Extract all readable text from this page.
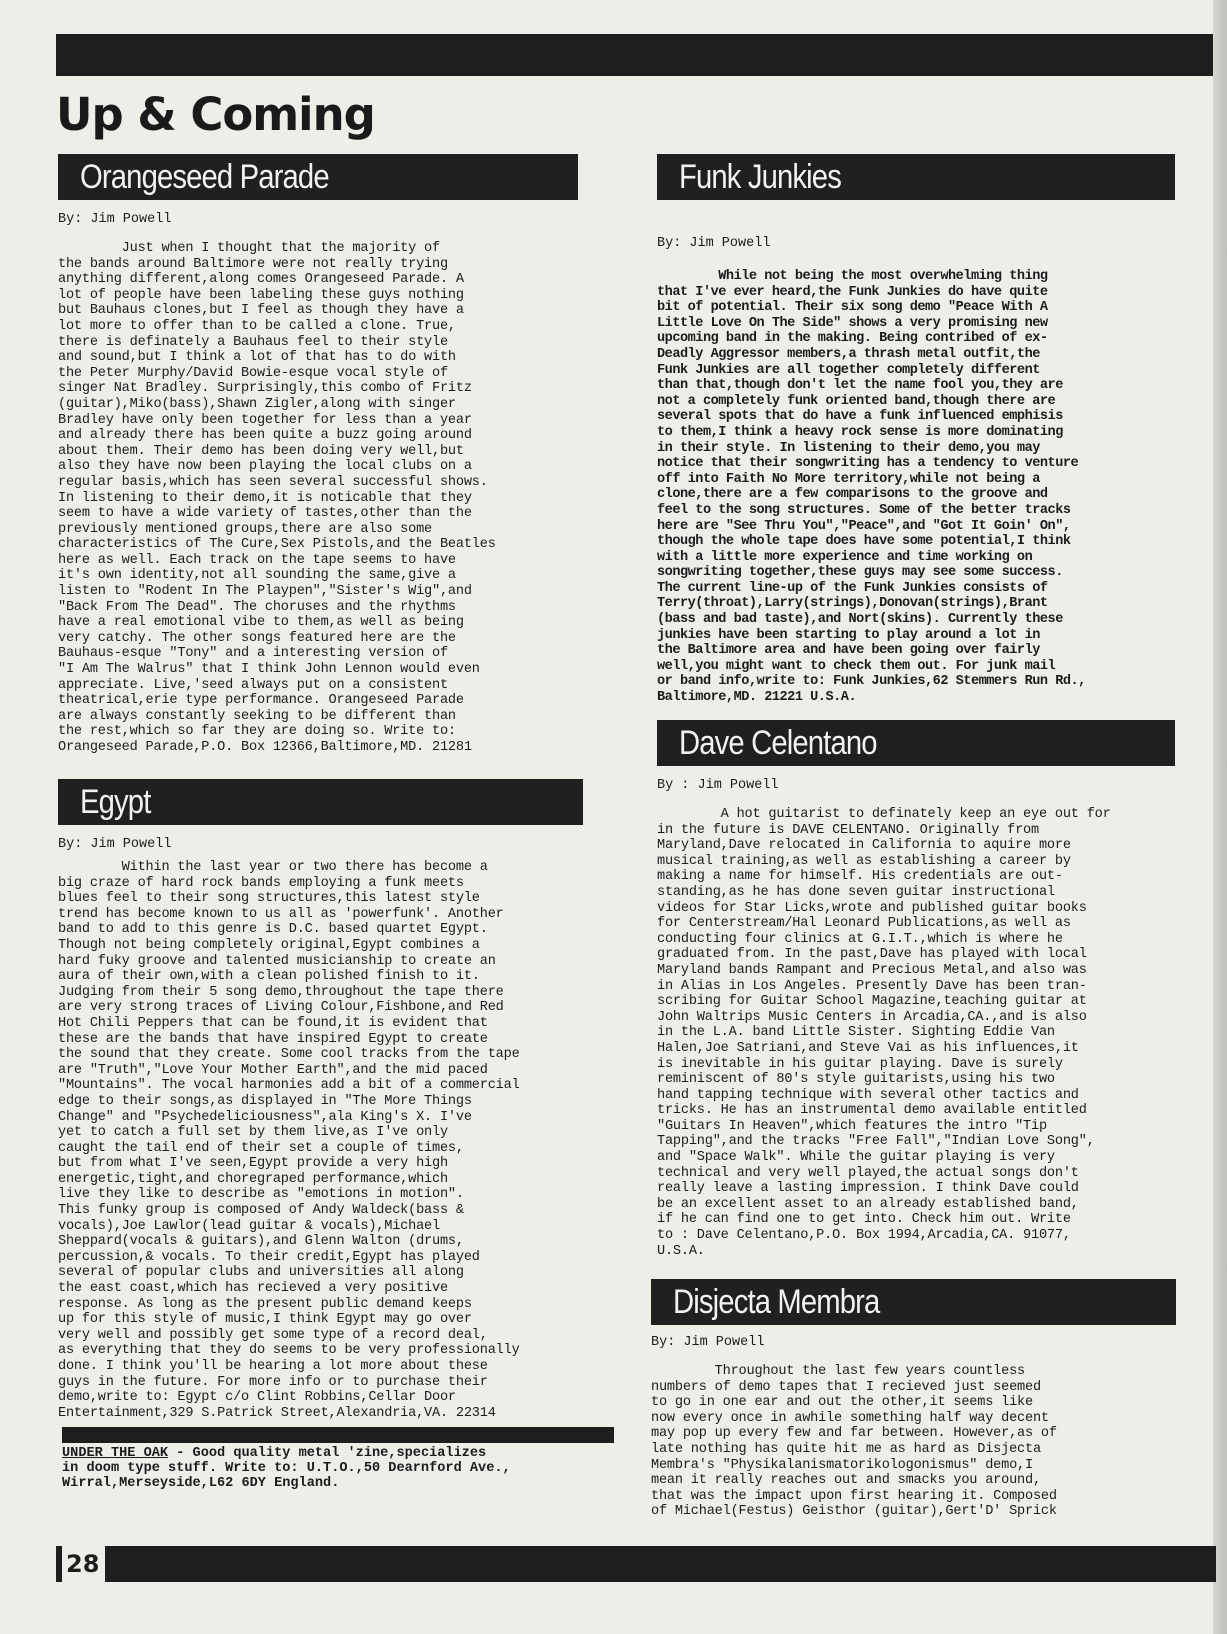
Up & Coming
Orangeseed Parade
By: Jim Powell
Just when I thought that the majority of
the bands around Baltimore were not really trying
anything different,along comes Orangeseed Parade. A
lot of people have been labeling these guys nothing
but Bauhaus clones,but I feel as though they have a
lot more to offer than to be called a clone. True,
there is definately a Bauhaus feel to their style
and sound,but I think a lot of that has to do with
the Peter Murphy/David Bowie-esque vocal style of
singer Nat Bradley. Surprisingly,this combo of Fritz
(guitar),Miko(bass),Shawn Zigler,along with singer
Bradley have only been together for less than a year
and already there has been quite a buzz going around
about them. Their demo has been doing very well,but
also they have now been playing the local clubs on a
regular basis,which has seen several successful shows.
In listening to their demo,it is noticable that they
seem to have a wide variety of tastes,other than the
previously mentioned groups,there are also some
characteristics of The Cure,Sex Pistols,and the Beatles
here as well. Each track on the tape seems to have
it's own identity,not all sounding the same,give a
listen to "Rodent In The Playpen","Sister's Wig",and
"Back From The Dead". The choruses and the rhythms
have a real emotional vibe to them,as well as being
very catchy. The other songs featured here are the
Bauhaus-esque "Tony" and a interesting version of
"I Am The Walrus" that I think John Lennon would even
appreciate. Live,'seed always put on a consistent
theatrical,erie type performance. Orangeseed Parade
are always constantly seeking to be different than
the rest,which so far they are doing so. Write to:
Orangeseed Parade,P.O. Box 12366,Baltimore,MD. 21281
Egypt
By: Jim Powell
Within the last year or two there has become a
big craze of hard rock bands employing a funk meets
blues feel to their song structures,this latest style
trend has become known to us all as 'powerfunk'. Another
band to add to this genre is D.C. based quartet Egypt.
Though not being completely original,Egypt combines a
hard fuky groove and talented musicianship to create an
aura of their own,with a clean polished finish to it.
Judging from their 5 song demo,throughout the tape there
are very strong traces of Living Colour,Fishbone,and Red
Hot Chili Peppers that can be found,it is evident that
these are the bands that have inspired Egypt to create
the sound that they create. Some cool tracks from the tape
are "Truth","Love Your Mother Earth",and the mid paced
"Mountains". The vocal harmonies add a bit of a commercial
edge to their songs,as displayed in "The More Things
Change" and "Psychedeliciousness",ala King's X. I've
yet to catch a full set by them live,as I've only
caught the tail end of their set a couple of times,
but from what I've seen,Egypt provide a very high
energetic,tight,and choregraped performance,which
live they like to describe as "emotions in motion".
This funky group is composed of Andy Waldeck(bass &
vocals),Joe Lawlor(lead guitar & vocals),Michael
Sheppard(vocals & guitars),and Glenn Walton (drums,
percussion,& vocals. To their credit,Egypt has played
several of popular clubs and universities all along
the east coast,which has recieved a very positive
response. As long as the present public demand keeps
up for this style of music,I think Egypt may go over
very well and possibly get some type of a record deal,
as everything that they do seems to be very professionally
done. I think you'll be hearing a lot more about these
guys in the future. For more info or to purchase their
demo,write to: Egypt c/o Clint Robbins,Cellar Door
Entertainment,329 S.Patrick Street,Alexandria,VA. 22314
UNDER THE OAK - Good quality metal 'zine,specializes
in doom type stuff. Write to: U.T.O.,50 Dearnford Ave.,
Wirral,Merseyside,L62 6DY England.
Funk Junkies
By: Jim Powell
While not being the most overwhelming thing
that I've ever heard,the Funk Junkies do have quite
bit of potential. Their six song demo "Peace With A
Little Love On The Side" shows a very promising new
upcoming band in the making. Being contribed of ex-
Deadly Aggressor members,a thrash metal outfit,the
Funk Junkies are all together completely different
than that,though don't let the name fool you,they are
not a completely funk oriented band,though there are
several spots that do have a funk influenced emphisis
to them,I think a heavy rock sense is more dominating
in their style. In listening to their demo,you may
notice that their songwriting has a tendency to venture
off into Faith No More territory,while not being a
clone,there are a few comparisons to the groove and
feel to the song structures. Some of the better tracks
here are "See Thru You","Peace",and "Got It Goin' On",
though the whole tape does have some potential,I think
with a little more experience and time working on
songwriting together,these guys may see some success.
The current line-up of the Funk Junkies consists of
Terry(throat),Larry(strings),Donovan(strings),Brant
(bass and bad taste),and Nort(skins). Currently these
junkies have been starting to play around a lot in
the Baltimore area and have been going over fairly
well,you might want to check them out. For junk mail
or band info,write to: Funk Junkies,62 Stemmers Run Rd.,
Baltimore,MD. 21221 U.S.A.
Dave Celentano
By : Jim Powell
A hot guitarist to definately keep an eye out for
in the future is DAVE CELENTANO. Originally from
Maryland,Dave relocated in California to aquire more
musical training,as well as establishing a career by
making a name for himself. His credentials are out-
standing,as he has done seven guitar instructional
videos for Star Licks,wrote and published guitar books
for Centerstream/Hal Leonard Publications,as well as
conducting four clinics at G.I.T.,which is where he
graduated from. In the past,Dave has played with local
Maryland bands Rampant and Precious Metal,and also was
in Alias in Los Angeles. Presently Dave has been tran-
scribing for Guitar School Magazine,teaching guitar at
John Waltrips Music Centers in Arcadia,CA.,and is also
in the L.A. band Little Sister. Sighting Eddie Van
Halen,Joe Satriani,and Steve Vai as his influences,it
is inevitable in his guitar playing. Dave is surely
reminiscent of 80's style guitarists,using his two
hand tapping technique with several other tactics and
tricks. He has an instrumental demo available entitled
"Guitars In Heaven",which features the intro "Tip
Tapping",and the tracks "Free Fall","Indian Love Song",
and "Space Walk". While the guitar playing is very
technical and very well played,the actual songs don't
really leave a lasting impression. I think Dave could
be an excellent asset to an already established band,
if he can find one to get into. Check him out. Write
to : Dave Celentano,P.O. Box 1994,Arcadia,CA. 91077,
U.S.A.
Disjecta Membra
By: Jim Powell
Throughout the last few years countless
numbers of demo tapes that I recieved just seemed
to go in one ear and out the other,it seems like
now every once in awhile something half way decent
may pop up every few and far between. However,as of
late nothing has quite hit me as hard as Disjecta
Membra's "Physikalanismatorikologonismus" demo,I
mean it really reaches out and smacks you around,
that was the impact upon first hearing it. Composed
of Michael(Festus) Geisthor (guitar),Gert'D' Sprick
28
